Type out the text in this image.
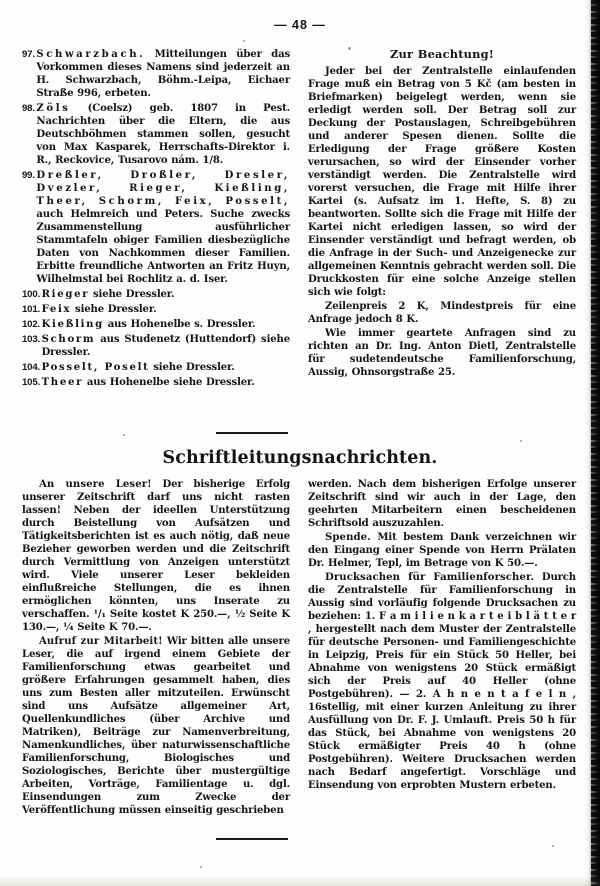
— 48 —
97. Schwarzbach. Mitteilungen über das Vorkommen dieses Namens sind jederzeit an H. Schwarzbach, Böhm.-Leipa, Eichaer Straße 996, erbeten.
98. Zöls (Coelsz) geb. 1807 in Pest. Nachrichten über die Eltern, die aus Deutschböhmen stammen sollen, gesucht von Max Kasparek, Herrschafts-Direktor i. R., Reckovice, Tusarovo nám. 1/8.
99. Dreßler, Droßler, Dresler, Dvezler, Rieger, Kießling, Theer, Schorm, Feix, Posselt, auch Helmreich und Peters. Suche zwecks Zusammenstellung ausführlicher Stammtafeln obiger Familien diesbezügliche Daten von Nachkommen dieser Familien. Erbitte freundliche Antworten an Fritz Huyn, Wilhelmstal bei Rochlitz a. d. Iser.
100. Rieger siehe Dressler.
101. Feix siehe Dressler.
102. Kießling aus Hohenelbe s. Dressler.
103. Schorm aus Studenetz (Huttendorf) siehe Dressler.
104. Posselt, Poselt siehe Dressler.
105. Theer aus Hohenelbe siehe Dressler.
Zur Beachtung!

Jeder bei der Zentralstelle einlaufenden Frage muß ein Betrag von 5 Kč (am besten in Briefmarken) beigelegt werden, wenn sie erledigt werden soll. Der Betrag soll zur Deckung der Postauslagen, Schreibgebühren und anderer Spesen dienen. Sollte die Erledigung der Frage größere Kosten verursachen, so wird der Einsender vorher verständigt werden. Die Zentralstelle wird vorerst versuchen, die Frage mit Hilfe ihrer Kartei (s. Aufsatz im 1. Hefte, S. 8) zu beantworten. Sollte sich die Frage mit Hilfe der Kartei nicht erledigen lassen, so wird der Einsender verständigt und befragt werden, ob die Anfrage in der Such- und Anzeigenecke zur allgemeinen Kenntnis gebracht werden soll. Die Druckkosten für eine solche Anzeige stellen sich wie folgt:

Zeilenpreis 2 K, Mindestpreis für eine Anfrage jedoch 8 K.

Wie immer geartete Anfragen sind zu richten an Dr. Ing. Anton Dietl, Zentralstelle für sudetendeutsche Familienforschung, Aussig, Ohnsorgstraße 25.

Schriftleitungsnachrichten.

An unsere Leser! Der bisherige Erfolg unserer Zeitschrift darf uns nicht rasten lassen! Neben der ideellen Unterstützung durch Beistellung von Aufsätzen und Tätigkeitsberichten ist es auch nötig, daß neue Bezieher geworben werden und die Zeitschrift durch Vermittlung von Anzeigen unterstützt wird. Viele unserer Leser bekleiden einflußreiche Stellungen, die es ihnen ermöglichen könnten, uns Inserate zu verschaffen. ¹/₁ Seite kostet K 250.—, ½ Seite K 130.—, ¼ Seite K 70.—.

Aufruf zur Mitarbeit! Wir bitten alle unsere Leser, die auf irgend einem Gebiete der Familienforschung etwas gearbeitet und größere Erfahrungen gesammelt haben, dies uns zum Besten aller mitzuteilen. Erwünscht sind uns Aufsätze allgemeiner Art, Quellenkundliches (über Archive und Matriken), Beiträge zur Namenverbreitung, Namenkundliches, über naturwissenschaftliche Familienforschung, Biologisches und Soziologisches, Berichte über mustergültige Arbeiten, Vorträge, Familientage u. dgl. Einsendungen zum Zwecke der Veröffentlichung müssen einseitig geschrieben

werden. Nach dem bisherigen Erfolge unserer Zeitschrift sind wir auch in der Lage, den geehrten Mitarbeitern einen bescheidenen Schriftsold auszuzahlen.

Spende. Mit bestem Dank verzeichnen wir den Eingang einer Spende von Herrn Prälaten Dr. Helmer, Tepl, im Betrage von K 50.—.

Drucksachen für Familienforscher. Durch die Zentralstelle für Familienforschung in Aussig sind vorläufig folgende Drucksachen zu beziehen: 1. F a m i l i e n k a r t e i b l ä t t e r , hergestellt nach dem Muster der Zentralstelle für deutsche Personen- und Familiengeschichte in Leipzig, Preis für ein Stück 50 Heller, bei Abnahme von wenigstens 20 Stück ermäßigt sich der Preis auf 40 Heller (ohne Postgebühren). — 2. A h n e n t a f e l n , 16stellig, mit einer kurzen Anleitung zu ihrer Ausfüllung von Dr. F. J. Umlauft. Preis 50 h für das Stück, bei Abnahme von wenigstens 20 Stück ermäßigter Preis 40 h (ohne Postgebühren). Weitere Drucksachen werden nach Bedarf angefertigt. Vorschläge und Einsendung von erprobten Mustern erbeten.
